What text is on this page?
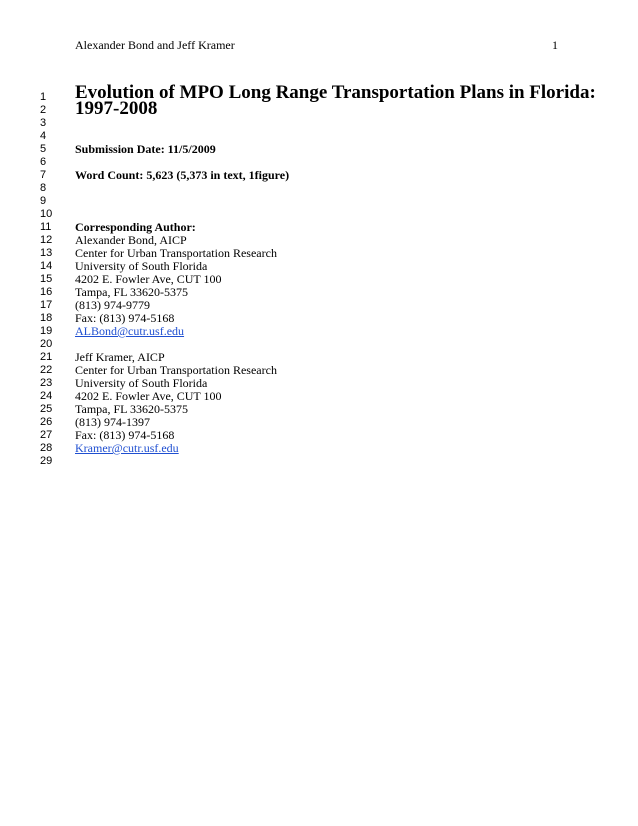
Alexander Bond and Jeff Kramer	1
1
2
3
4
5
6
7
8
9
10
11
12
13
14
15
16
17
18
19
20
21
22
23
24
25
26
27
28
29
Evolution of MPO Long Range Transportation Plans in Florida:
1997-2008
Submission Date: 11/5/2009
Word Count: 5,623 (5,373 in text, 1figure)
Corresponding Author:
Alexander Bond, AICP
Center for Urban Transportation Research
University of South Florida
4202 E. Fowler Ave, CUT 100
Tampa, FL 33620-5375
(813) 974-9779
Fax: (813) 974-5168
ALBond@cutr.usf.edu
Jeff Kramer, AICP
Center for Urban Transportation Research
University of South Florida
4202 E. Fowler Ave, CUT 100
Tampa, FL 33620-5375
(813) 974-1397
Fax: (813) 974-5168
Kramer@cutr.usf.edu
